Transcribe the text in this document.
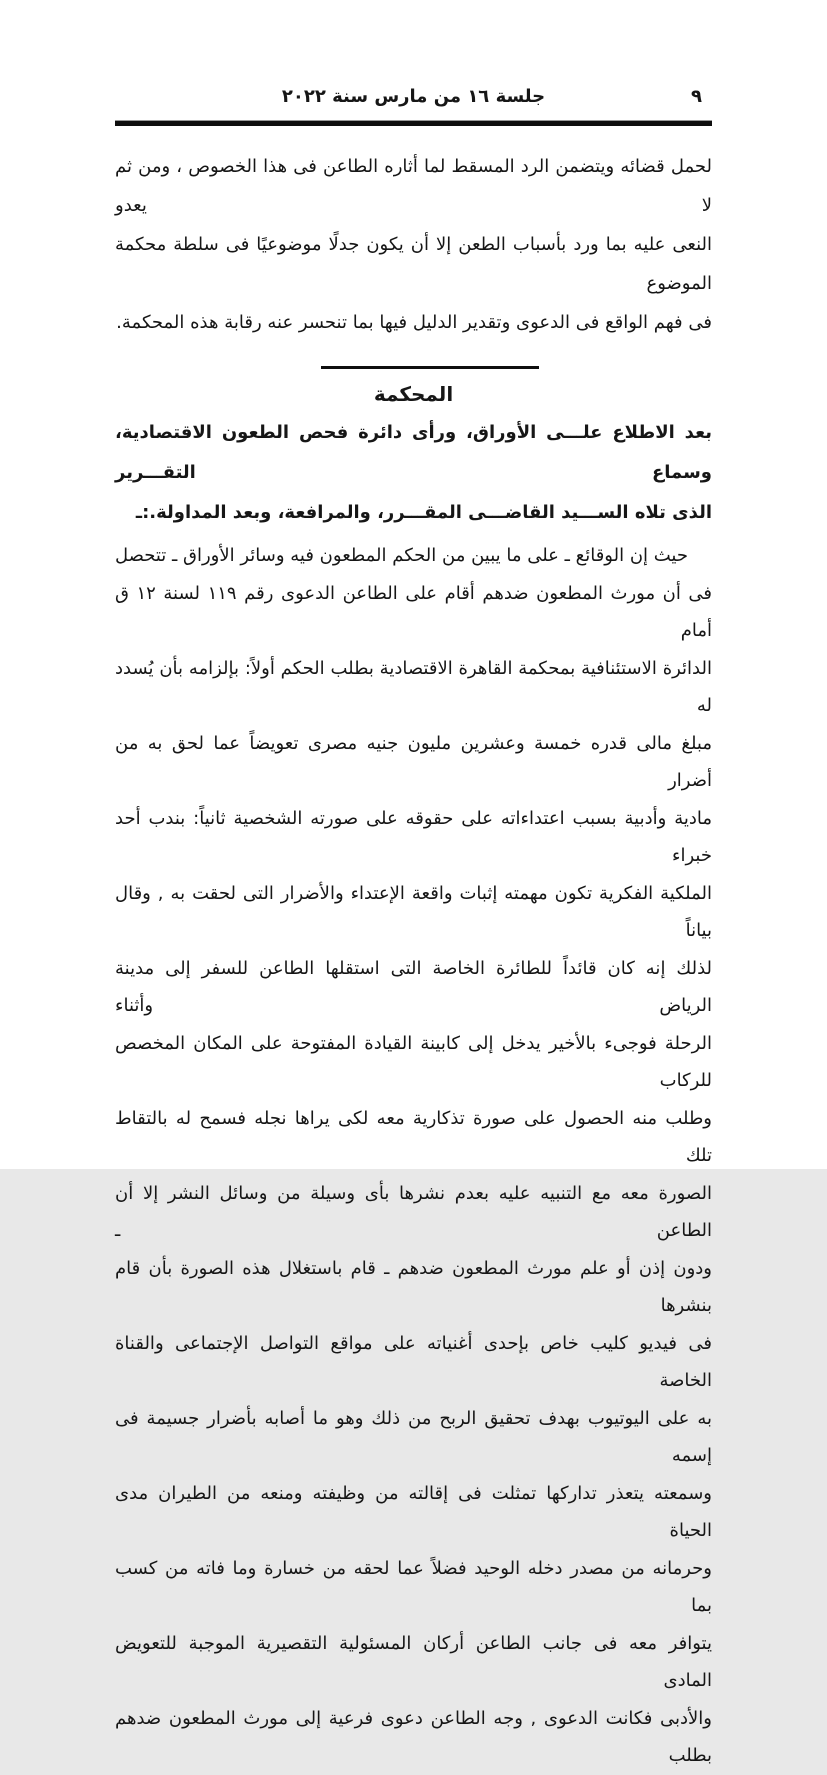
٩
جلسة ١٦ من مارس سنة ٢٠٢٢
لحمل قضائه ويتضمن الرد المسقط لما أثاره الطاعن فى هذا الخصوص ، ومن ثم لا يعدو
النعى عليه بما ورد بأسباب الطعن إلا أن يكون جدلًا موضوعيًا فى سلطة محكمة الموضوع
فى فهم الواقع فى الدعوى وتقدير الدليل فيها بما تنحسر عنه رقابة هذه المحكمة.
المحكمة
بعد الاطلاع علـــى الأوراق، ورأى دائرة فحص الطعون الاقتصادية، وسماع التقـــرير
الذى تلاه الســـيد القاضـــى المقـــرر، والمرافعة، وبعد المداولة.:ـ
حيث إن الوقائع ـ على ما يبين من الحكم المطعون فيه وسائر الأوراق ـ تتحصل
فى أن مورث المطعون ضدهم أقام على الطاعن الدعوى رقم ١١٩ لسنة ١٢ ق أمام
الدائرة الاستئنافية بمحكمة القاهرة الاقتصادية بطلب الحكم أولاً: بإلزامه بأن يُسدد له
مبلغ مالى قدره خمسة وعشرين مليون جنيه مصرى تعويضاً عما لحق به من أضرار
مادية وأدبية بسبب اعتداءاته على حقوقه على صورته الشخصية ثانياً: بندب أحد خبراء
الملكية الفكرية تكون مهمته إثبات واقعة الإعتداء والأضرار التى لحقت به , وقال بياناً
لذلك إنه كان قائداً للطائرة الخاصة التى استقلها الطاعن للسفر إلى مدينة الرياض وأثناء
الرحلة فوجىء بالأخير يدخل إلى كابينة القيادة المفتوحة على المكان المخصص للركاب
وطلب منه الحصول على صورة تذكارية معه لكى يراها نجله فسمح له بالتقاط تلك
الصورة معه مع التنبيه عليه بعدم نشرها بأى وسيلة من وسائل النشر إلا أن الطاعن ـ
ودون إذن أو علم مورث المطعون ضدهم ـ قام باستغلال هذه الصورة بأن قام بنشرها
فى فيديو كليب خاص بإحدى أغنياته على مواقع التواصل الإجتماعى والقناة الخاصة
به على اليوتيوب بهدف تحقيق الربح من ذلك وهو ما أصابه بأضرار جسيمة فى إسمه
وسمعته يتعذر تداركها تمثلت فى إقالته من وظيفته ومنعه من الطيران مدى الحياة
وحرمانه من مصدر دخله الوحيد فضلاً عما لحقه من خسارة وما فاته من كسب بما
يتوافر معه فى جانب الطاعن أركان المسئولية التقصيرية الموجبة للتعويض المادى
والأدبى فكانت الدعوى , وجه الطاعن دعوى فرعية إلى مورث المطعون ضدهم بطلب
